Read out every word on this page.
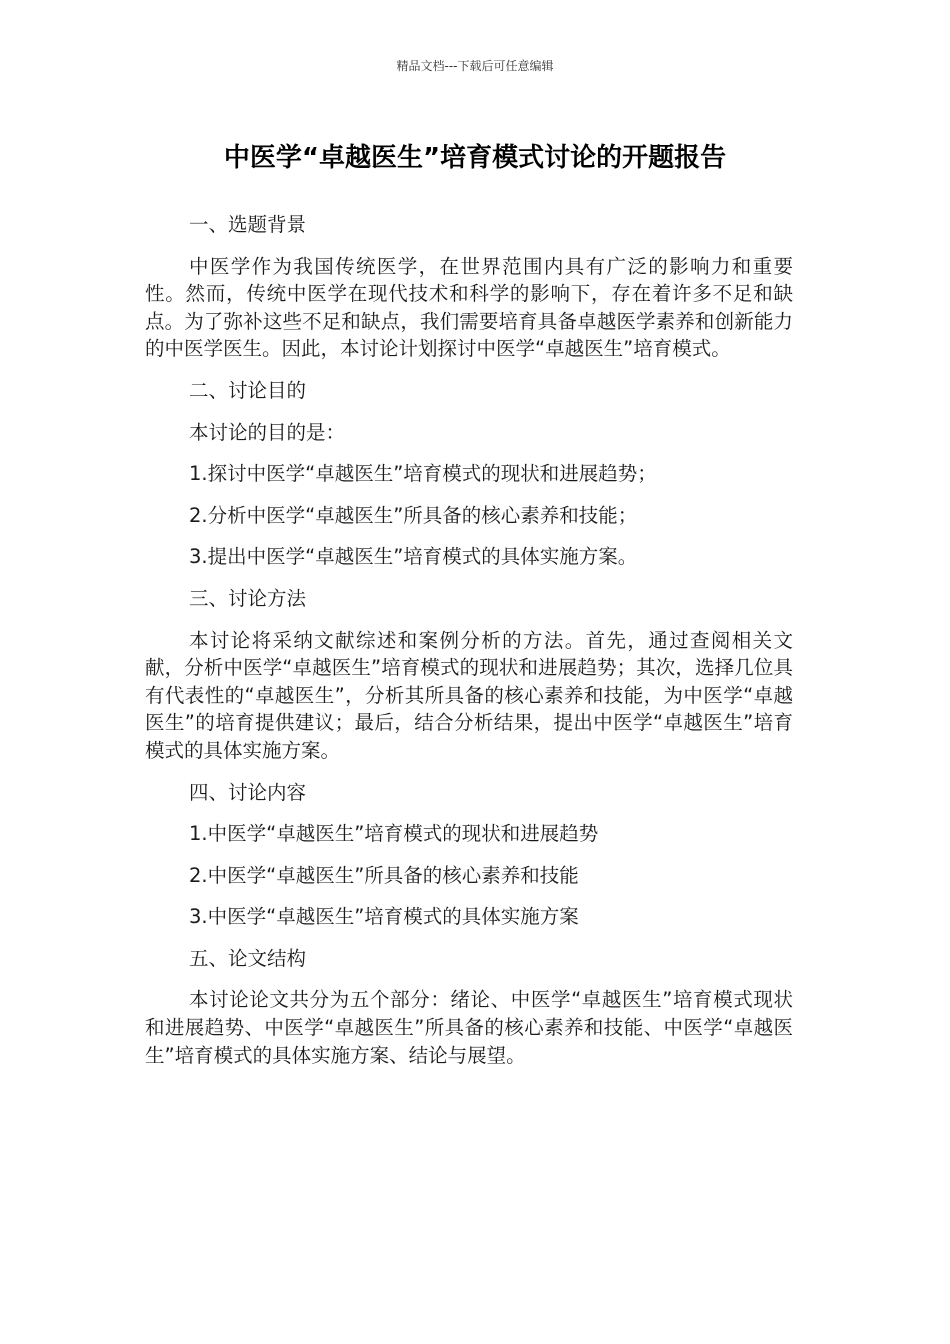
精品文档---下载后可任意编辑
中医学“卓越医生”培育模式讨论的开题报告

一、选题背景

中医学作为我国传统医学，在世界范围内具有广泛的影响力和重要性。然而，传统中医学在现代技术和科学的影响下，存在着许多不足和缺点。为了弥补这些不足和缺点，我们需要培育具备卓越医学素养和创新能力的中医学医生。因此，本讨论计划探讨中医学“卓越医生”培育模式。

二、讨论目的

本讨论的目的是：

1.探讨中医学“卓越医生”培育模式的现状和进展趋势；

2.分析中医学“卓越医生”所具备的核心素养和技能；

3.提出中医学“卓越医生”培育模式的具体实施方案。

三、讨论方法

本讨论将采纳文献综述和案例分析的方法。首先，通过查阅相关文献，分析中医学“卓越医生”培育模式的现状和进展趋势；其次，选择几位具有代表性的“卓越医生”，分析其所具备的核心素养和技能，为中医学“卓越医生”的培育提供建议；最后，结合分析结果，提出中医学“卓越医生”培育模式的具体实施方案。

四、讨论内容

1.中医学“卓越医生”培育模式的现状和进展趋势

2.中医学“卓越医生”所具备的核心素养和技能

3.中医学“卓越医生”培育模式的具体实施方案

五、论文结构

本讨论论文共分为五个部分：绪论、中医学“卓越医生”培育模式现状和进展趋势、中医学“卓越医生”所具备的核心素养和技能、中医学“卓越医生”培育模式的具体实施方案、结论与展望。
